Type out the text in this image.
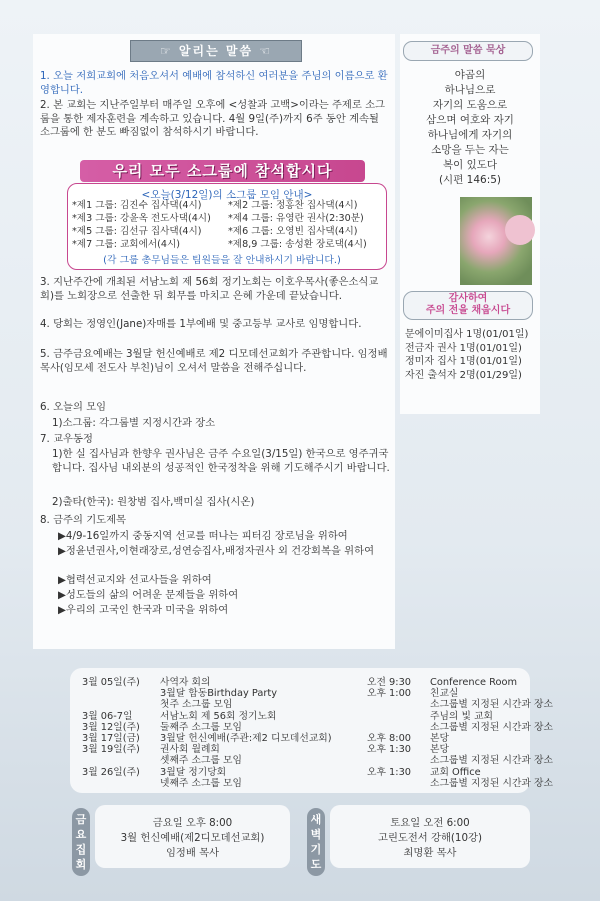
☞ 알리는 말씀 ☜	금주의 말씀 묵상
1. 오늘 저희교회에 처음오셔서 예배에 참석하신 여러분을 주님의 이름으로 환영합니다.
2. 본 교회는 지난주일부터 매주일 오후에 <성찰과 고백>이라는 주제로 소그룹을 통한 제자훈련을 계속하고 있습니다. 4월 9일(주)까지 6주 동안 계속될 소그룹에 한 분도 빠짐없이 참석하시기 바랍니다.
우리 모두 소그룹에 참석합시다
<오늘(3/12일)의 소그룹 모임 안내>
*제1 그룹: 김진수 집사댁(4시)	*제2 그룹: 정홍찬 집사댁(4시)
*제3 그룹: 강윤옥 전도사댁(4시) *제4 그룹: 유영란 권사(2:30분)
*제5 그룹: 김선규 집사댁(4시)	*제6 그룹: 오영빈 집사댁(4시)
*제7 그룹: 교회에서(4시)	*제8,9 그룹: 송성환 장로댁(4시)
(각 그룹 총무님들은 팀원들을 잘 안내하시기 바랍니다.)
3. 지난주간에 개최된 서남노회 제 56회 정기노회는 이호우목사(좋은소식교회)를 노회장으로 선출한 뒤 회무를 마치고 은혜 가운데 끝났습니다.
4. 당회는 정영인(Jane)자매를 1부예배 및 중고등부 교사로 임명합니다.
5. 금주금요예배는 3월달 헌신예배로 제2 디모데선교회가 주관합니다. 임정배 목사(임모세 전도사 부친)님이 오셔서 말씀을 전해주십니다.
6. 오늘의 모임
1)소그룹: 각그룹별 지정시간과 장소
7. 교우동정
1)한 실 집사님과 한향우 권사님은 금주 수요일(3/15일) 한국으로 영주귀국합니다. 집사님 내외분의 성공적인 한국정착을 위해 기도해주시기 바랍니다.
2)출타(한국): 원창범 집사,백미실 집사(시온)
8. 금주의 기도제목
▶4/9-16일까지 중동지역 선교를 떠나는 피터김 장로님을 위하여
▶정윤년권사,이현래장로,성연승집사,배정자권사 외 건강회복을 위하여
▶협력선교지와 선교사들을 위하여
▶성도들의 삶의 어려운 문제들을 위하여
▶우리의 고국인 한국과 미국을 위하여
야곱의
하나님으로
자기의 도움으로
삼으며 여호와 자기
하나님에게 자기의
소망을 두는 자는
복이 있도다
(시편 146:5)
감사하여
주의 전을 채웁시다
문에이미집사 1명(01/01일)
전금자 권사 1명(01/01일)
정미자 집사 1명(01/01일)
자진 출석자 2명(01/29일)
3월 05일(주) 사역자 회의	오전 9:30 Conference Room
3월달 합동Birthday Party	오후 1:00 친교실
첫주 소그룹 모임	소그룹별 지정된 시간과 장소
3월 06-7일	서남노회 제 56회 정기노회	주님의 빛 교회
3월 12일(주) 둘째주 소그룹 모임	소그룹별 지정된 시간과 장소
3월 17일(금) 3월달 헌신예배(주관:제2 디모데선교회)	오후 8:00 본당
3월 19일(주) 권사회 월례회	오후 1:30 본당
셋째주 소그룹 모임	소그룹별 지정된 시간과 장소
3월 26일(주) 3월달 정기당회	오후 1:30 교회 Office
넷째주 소그룹 모임	소그룹별 지정된 시간과 장소
금요집회
금요일 오후 8:00
3월 헌신예배(제2디모데선교회)
임정배 목사
새벽기도
토요일 오전 6:00
고린도전서 강해(10강)
최명환 목사
